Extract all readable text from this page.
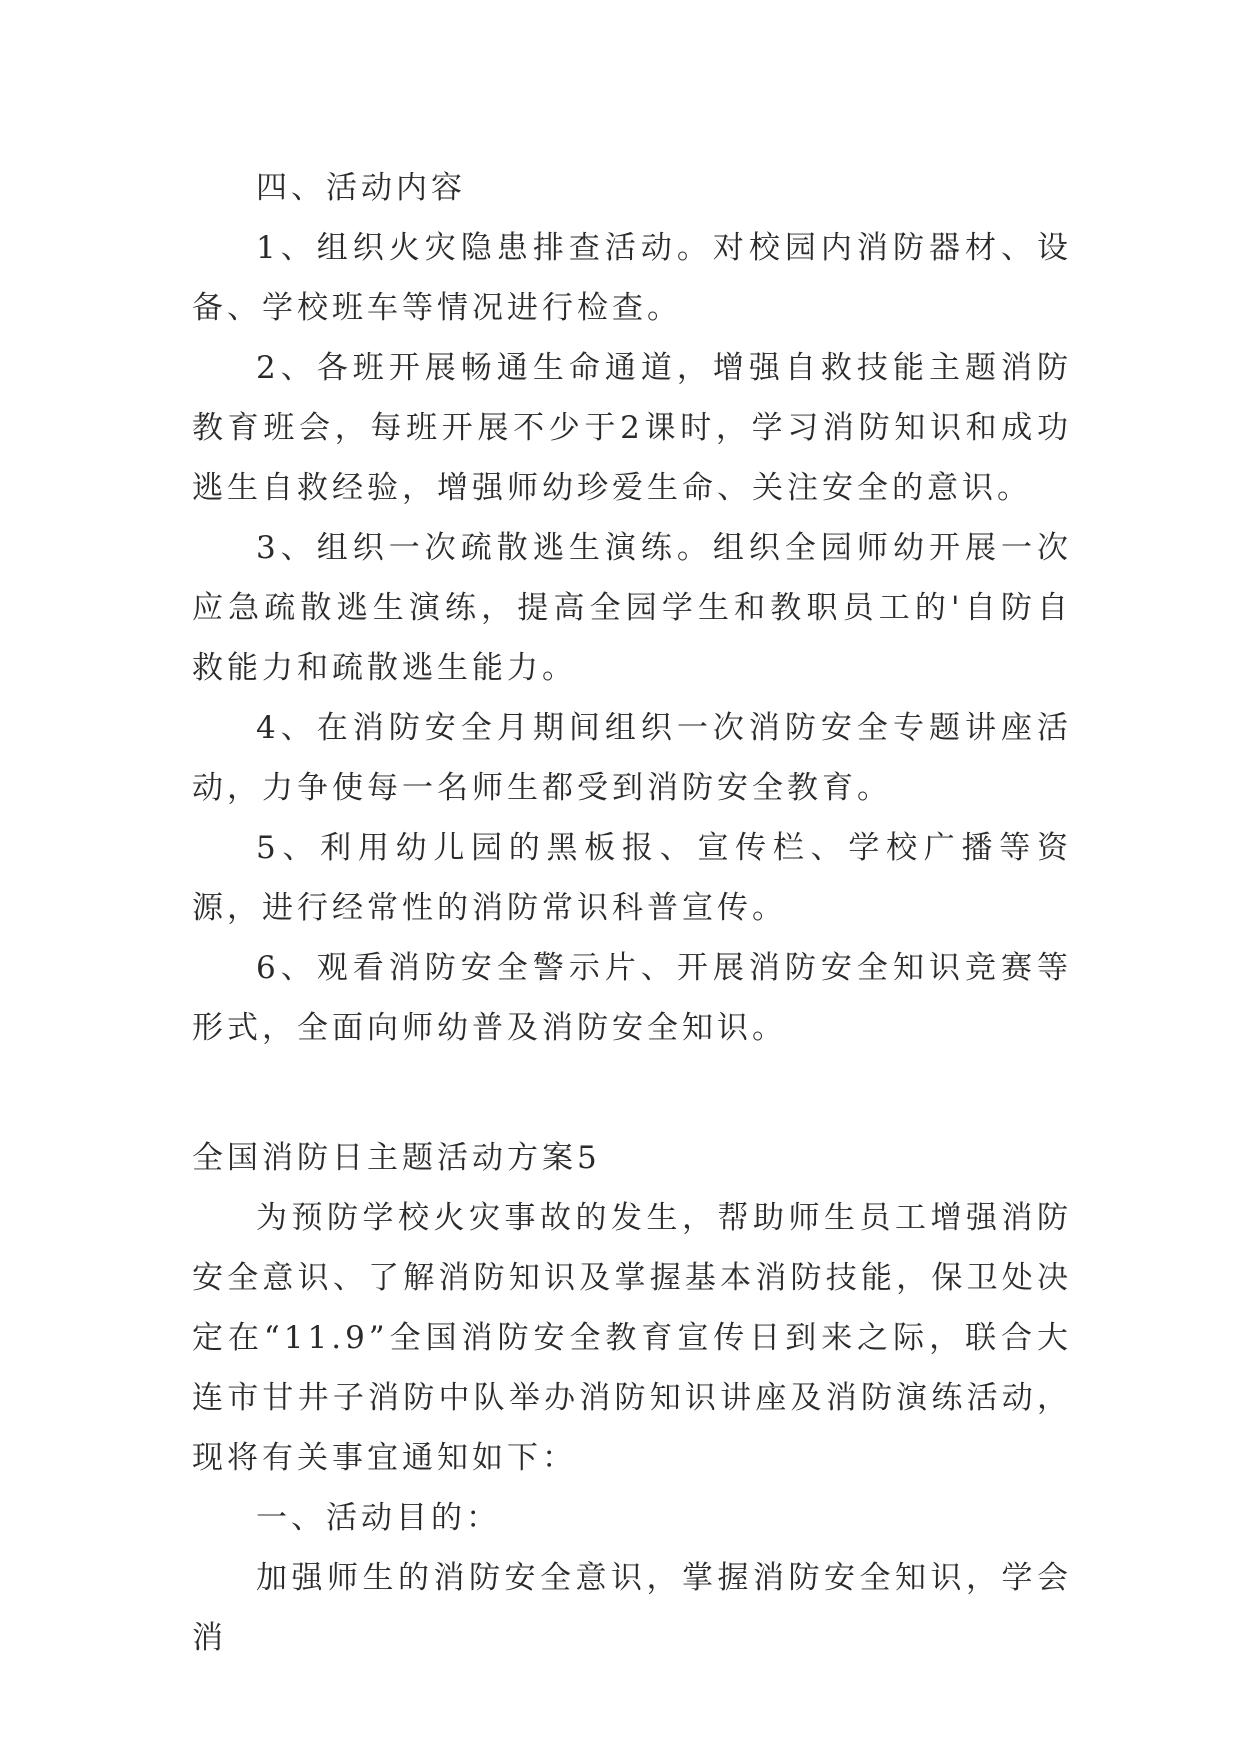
四、活动内容

1、组织火灾隐患排查活动。对校园内消防器材、设备、学校班车等情况进行检查。

2、各班开展畅通生命通道，增强自救技能主题消防教育班会，每班开展不少于2课时，学习消防知识和成功逃生自救经验，增强师幼珍爱生命、关注安全的意识。

3、组织一次疏散逃生演练。组织全园师幼开展一次应急疏散逃生演练，提高全园学生和教职员工的'自防自救能力和疏散逃生能力。

4、在消防安全月期间组织一次消防安全专题讲座活动，力争使每一名师生都受到消防安全教育。

5、利用幼儿园的黑板报、宣传栏、学校广播等资源，进行经常性的消防常识科普宣传。

6、观看消防安全警示片、开展消防安全知识竞赛等形式，全面向师幼普及消防安全知识。

全国消防日主题活动方案5

为预防学校火灾事故的发生，帮助师生员工增强消防安全意识、了解消防知识及掌握基本消防技能，保卫处决定在“11.9”全国消防安全教育宣传日到来之际，联合大连市甘井子消防中队举办消防知识讲座及消防演练活动，现将有关事宜通知如下：

一、活动目的：

加强师生的消防安全意识，掌握消防安全知识，学会消
